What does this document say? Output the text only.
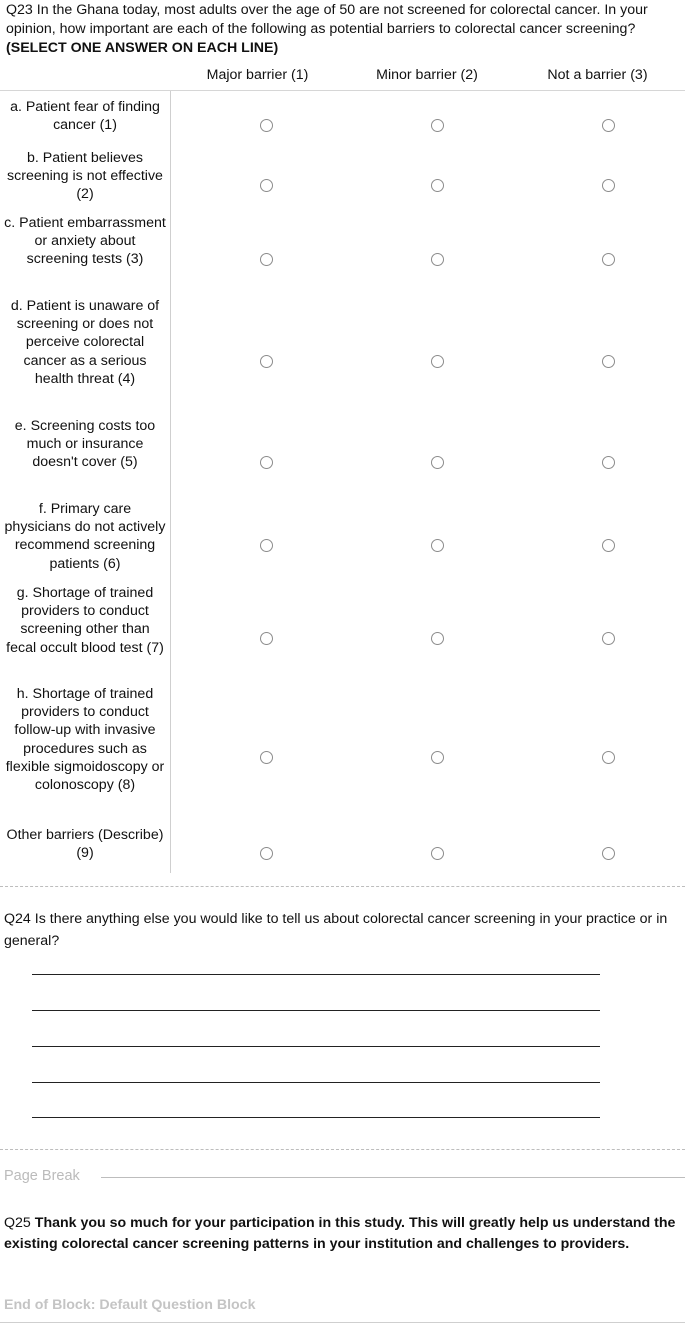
Q23 In the Ghana today, most adults over the age of 50 are not screened for colorectal cancer. In your opinion, how important are each of the following as potential barriers to colorectal cancer screening? (SELECT ONE ANSWER ON EACH LINE)
Major barrier (1)	Minor barrier (2)	Not a barrier (3)
a. Patient fear of finding cancer (1)
b. Patient believes screening is not effective (2)
c. Patient embarrassment or anxiety about screening tests (3)
d. Patient is unaware of screening or does not perceive colorectal cancer as a serious health threat (4)
e. Screening costs too much or insurance doesn't cover (5)
f. Primary care physicians do not actively recommend screening patients (6)
g. Shortage of trained providers to conduct screening other than fecal occult blood test (7)
h. Shortage of trained providers to conduct follow-up with invasive procedures such as flexible sigmoidoscopy or colonoscopy (8)
Other barriers (Describe) (9)
Q24 Is there anything else you would like to tell us about colorectal cancer screening in your practice or in general?
Page Break
Q25 Thank you so much for your participation in this study. This will greatly help us understand the existing colorectal cancer screening patterns in your institution and challenges to providers.
End of Block: Default Question Block
